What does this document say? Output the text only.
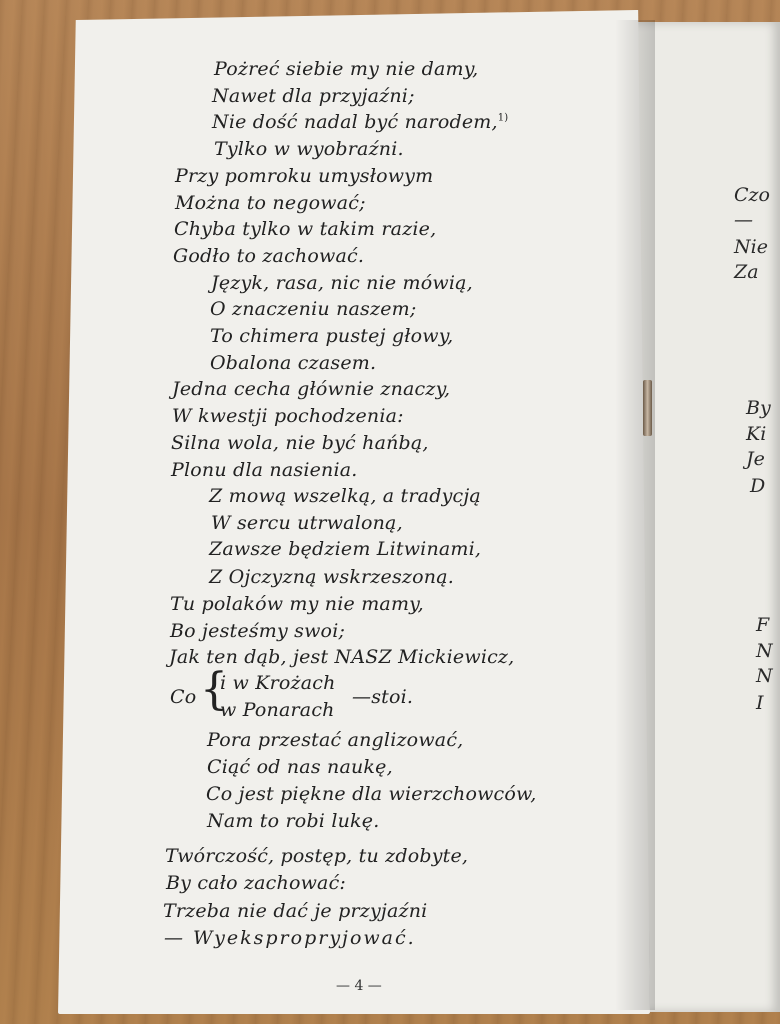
Czo
—
Nie
Za
By
Ki
Je
D
F
N
N
I
Pożreć siebie my nie damy,
Nawet dla przyjaźni;
Nie dość nadal być narodem,$^{1)}$
Tylko w wyobraźni.
Przy pomroku umysłowym
Można to negować;
Chyba tylko w takim razie,
Godło to zachować.
Język, rasa, nic nie mówią,
O znaczeniu naszem;
To chimera pustej głowy,
Obalona czasem.
Jedna cecha głównie znaczy,
W kwestji pochodzenia:
Silna wola, nie być hańbą,
Plonu dla nasienia.
Z mową wszelką, a tradycją
W sercu utrwaloną,
Zawsze będziem Litwinami,
Z Ojczyzną wskrzeszoną.
Tu polaków my nie mamy,
Bo jesteśmy swoi;
Jak ten dąb, jest NASZ Mickiewicz,
Co {
i w Krożach
w Ponarach
—stoi.
Pora przestać anglizować,
Ciąć od nas naukę,
Co jest piękne dla wierzchowców,
Nam to robi lukę.
Twórczość, postęp, tu zdobyte,
By cało zachować:
Trzeba nie dać je przyjaźni
— Wyekspropryjować.
— 4 —
